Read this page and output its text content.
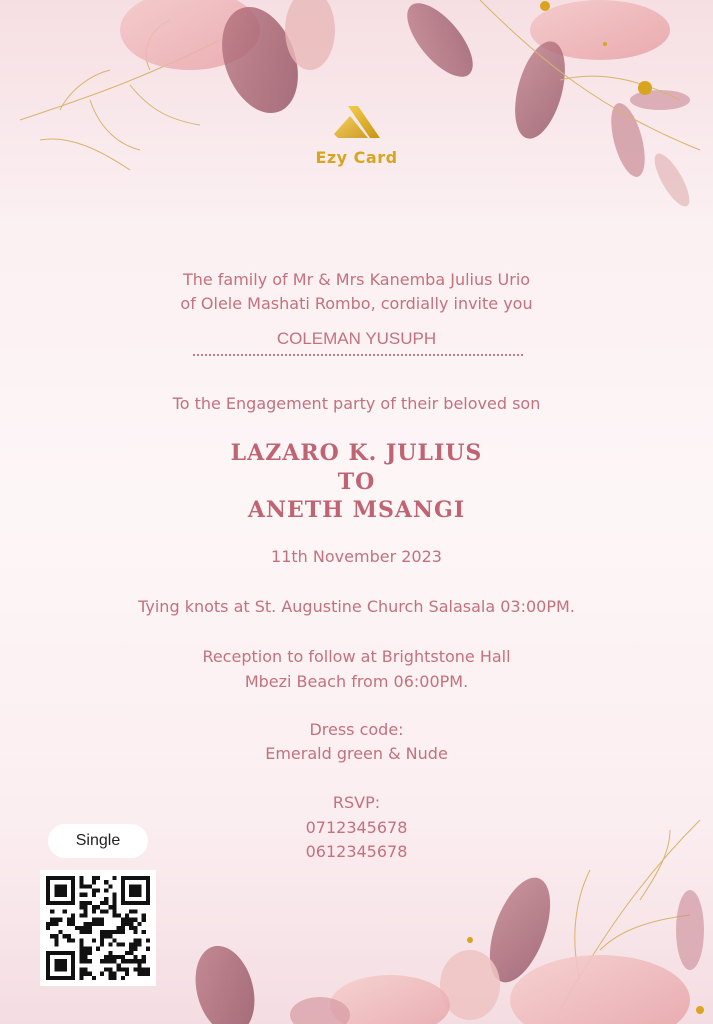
Ezy Card
The family of Mr & Mrs Kanemba Julius Urio
of Olele Mashati Rombo, cordially invite you
COLEMAN YUSUPH
To the Engagement party of their beloved son
LAZARO K. JULIUS
TO
ANETH MSANGI
11th November 2023
Tying knots at St. Augustine Church Salasala 03:00PM.
Reception to follow at Brightstone Hall
Mbezi Beach from 06:00PM.
Dress code:
Emerald green & Nude
RSVP:
0712345678
0612345678
Single
